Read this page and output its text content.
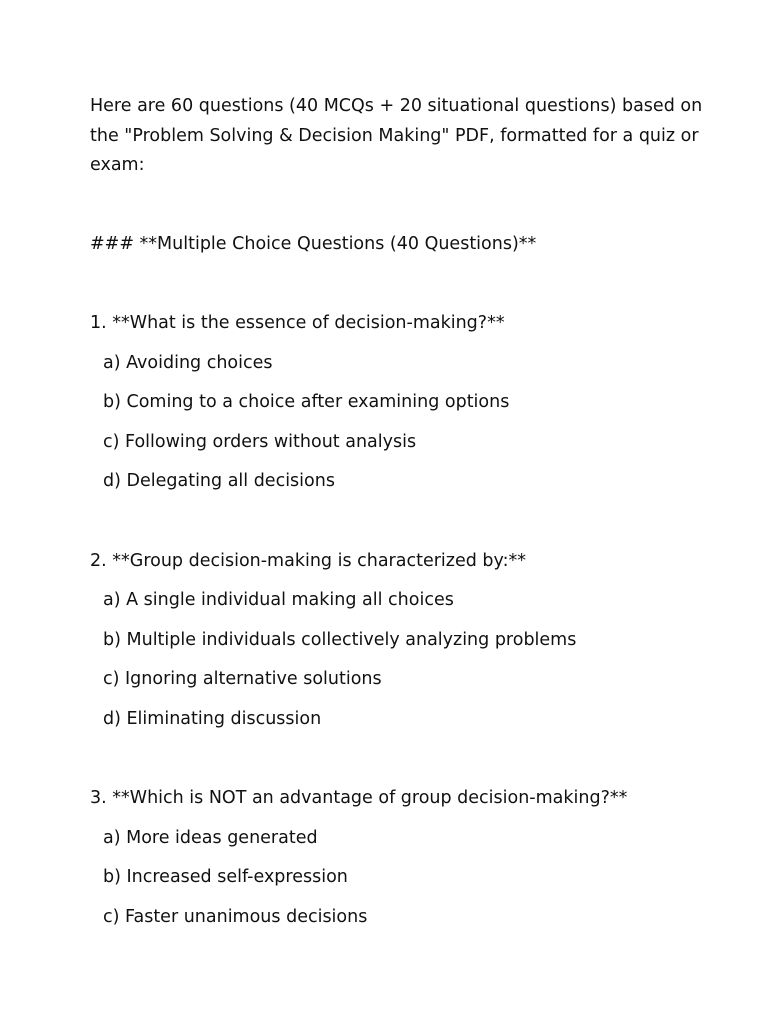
Here are 60 questions (40 MCQs + 20 situational questions) based on

the "Problem Solving & Decision Making" PDF, formatted for a quiz or

exam:

### **Multiple Choice Questions (40 Questions)**

1. **What is the essence of decision-making?**

a) Avoiding choices

b) Coming to a choice after examining options

c) Following orders without analysis

d) Delegating all decisions

2. **Group decision-making is characterized by:**

a) A single individual making all choices

b) Multiple individuals collectively analyzing problems

c) Ignoring alternative solutions

d) Eliminating discussion

3. **Which is NOT an advantage of group decision-making?**

a) More ideas generated

b) Increased self-expression

c) Faster unanimous decisions
